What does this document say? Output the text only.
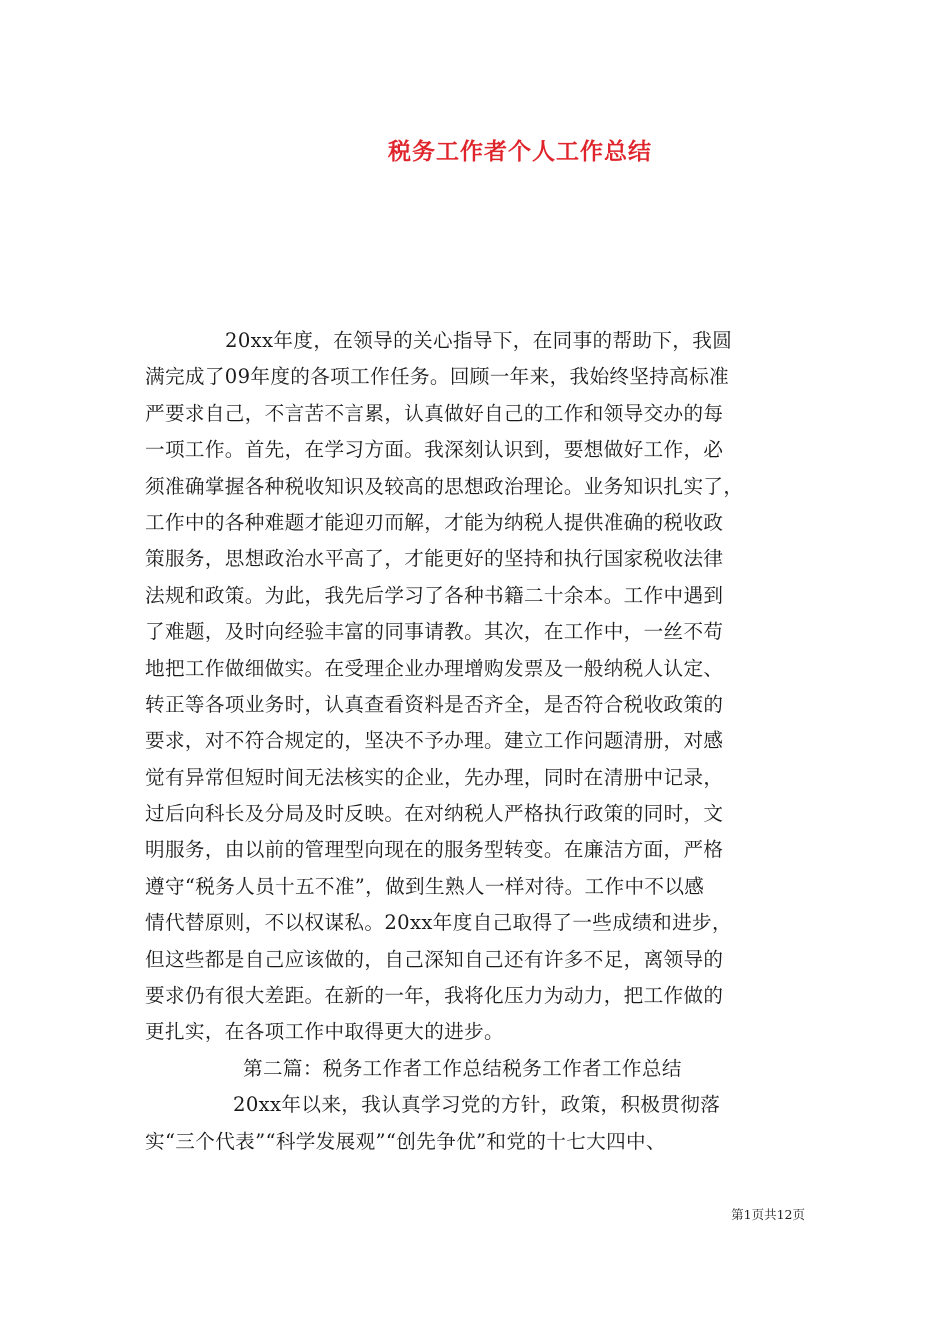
税务工作者个人工作总结
20xx年度，在领导的关心指导下，在同事的帮助下，我圆
满完成了09年度的各项工作任务。回顾一年来，我始终坚持高标准
严要求自己，不言苦不言累，认真做好自己的工作和领导交办的每
一项工作。首先，在学习方面。我深刻认识到，要想做好工作，必
须准确掌握各种税收知识及较高的思想政治理论。业务知识扎实了，
工作中的各种难题才能迎刃而解，才能为纳税人提供准确的税收政
策服务，思想政治水平高了，才能更好的坚持和执行国家税收法律
法规和政策。为此，我先后学习了各种书籍二十余本。工作中遇到
了难题，及时向经验丰富的同事请教。其次，在工作中，一丝不苟
地把工作做细做实。在受理企业办理增购发票及一般纳税人认定、
转正等各项业务时，认真查看资料是否齐全，是否符合税收政策的
要求，对不符合规定的，坚决不予办理。建立工作问题清册，对感
觉有异常但短时间无法核实的企业，先办理，同时在清册中记录，
过后向科长及分局及时反映。在对纳税人严格执行政策的同时，文
明服务，由以前的管理型向现在的服务型转变。在廉洁方面，严格
遵守“税务人员十五不准”，做到生熟人一样对待。工作中不以感
情代替原则，不以权谋私。20xx年度自己取得了一些成绩和进步，
但这些都是自己应该做的，自己深知自己还有许多不足，离领导的
要求仍有很大差距。在新的一年，我将化压力为动力，把工作做的
更扎实，在各项工作中取得更大的进步。
第二篇：税务工作者工作总结税务工作者工作总结
20xx年以来，我认真学习党的方针，政策，积极贯彻落
实“三个代表”“科学发展观”“创先争优”和党的十七大四中、
第1页共12页
